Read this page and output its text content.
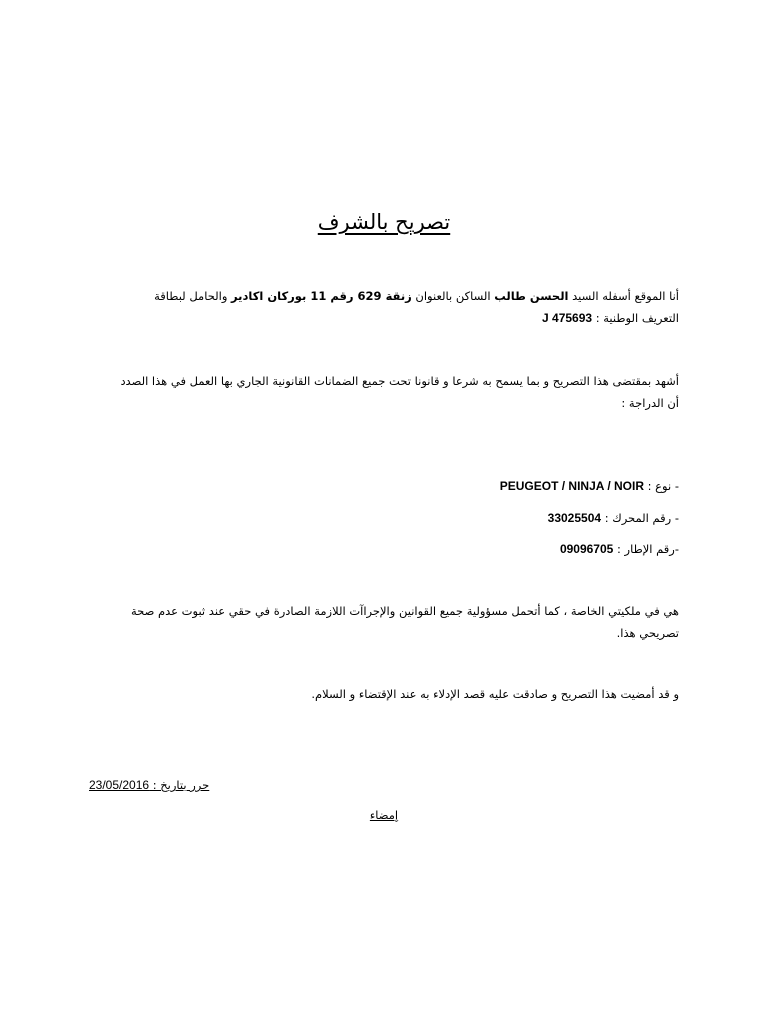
تصريح بالشرف
أنا الموقع أسفله السيد الحسن طالب الساكن بالعنوان زنقة 629 رقم 11 بوركان اكادير والحامل لبطاقة التعريف الوطنية : J 475693
أشهد بمقتضى هذا التصريح و بما يسمح به شرعا و قانونا تحت جميع الضمانات القانونية الجاري بها العمل في هذا الصدد أن الدراجة :
- نوع : PEUGEOT / NINJA / NOIR
- رقم المحرك : 33025504
-رقم الإطار : 09096705
هي في ملكيتي الخاصة ، كما أتحمل مسؤولية جميع القوانين والإجراآت اللازمة الصادرة في حقي عند ثبوت عدم صحة تصريحي هذا.
و قد أمضيت هذا التصريح و صادقت عليه قصد الإدلاء به عند الإقتضاء و السلام.
حرر بتاريخ : 23/05/2016
إمضاء
